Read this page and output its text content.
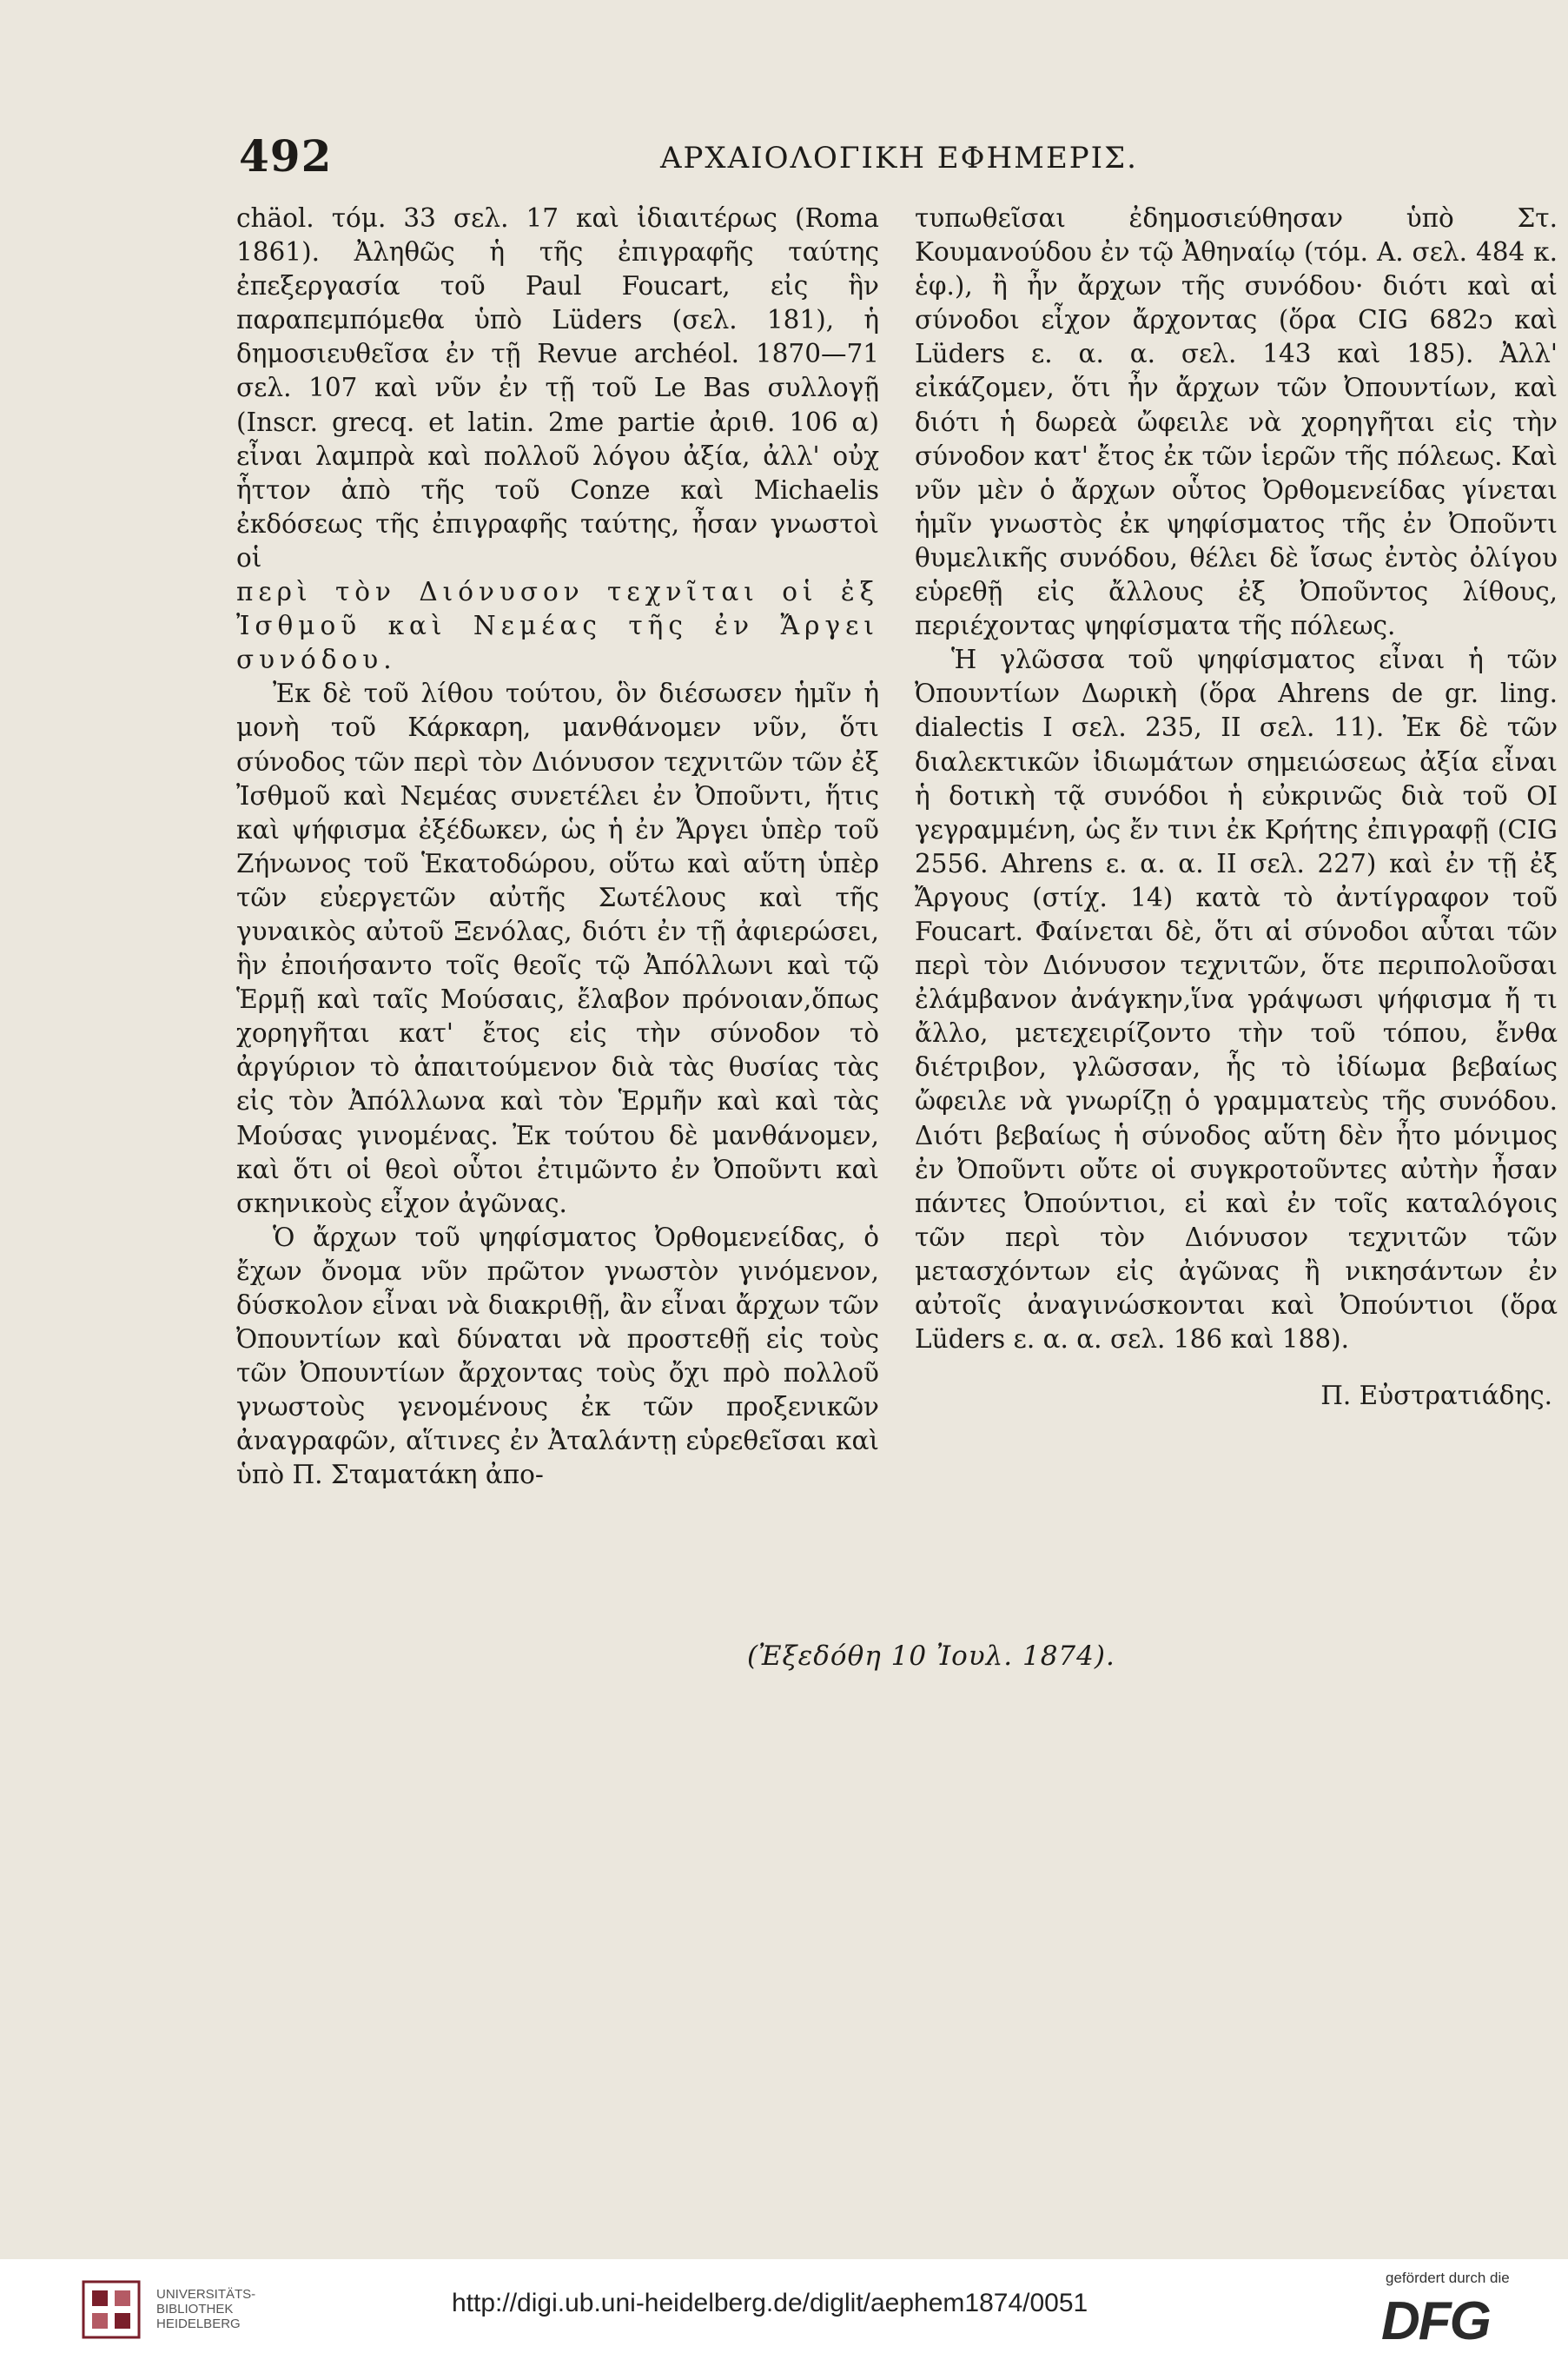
492	ΑΡΧΑΙΟΛΟΓΙΚΗ ΕΦΗΜΕΡΙΣ.

chäol. τόμ. 33 σελ. 17 καὶ ἰδιαιτέρως (Roma 1861). Ἀληθῶς ἡ τῆς ἐπιγραφῆς ταύτης ἐπεξεργασία τοῦ Paul Foucart, εἰς ἣν παραπεμπόμεθα ὑπὸ Lüders (σελ. 181), ἡ δημοσιευθεῖσα ἐν τῇ Revue archéol. 1870—71 σελ. 107 καὶ νῦν ἐν τῇ τοῦ Le Bas συλλογῇ (Inscr. grecq. et latin. 2me partie ἀριθ. 106 α) εἶναι λαμπρὰ καὶ πολλοῦ λόγου ἀξία, ἀλλ' οὐχ ἧττον ἀπὸ τῆς τοῦ Conze καὶ Michaelis ἐκδόσεως τῆς ἐπιγραφῆς ταύτης, ἦσαν γνωστοὶ οἱ

περὶ τὸν Διόνυσον τεχνῖται οἱ ἐξ Ἰσθμοῦ καὶ Νεμέας τῆς ἐν Ἄργει συνόδου.

Ἐκ δὲ τοῦ λίθου τούτου, ὃν διέσωσεν ἡμῖν ἡ μονὴ τοῦ Κάρκαρη, μανθάνομεν νῦν, ὅτι σύνοδος τῶν περὶ τὸν Διόνυσον τεχνιτῶν τῶν ἐξ Ἰσθμοῦ καὶ Νεμέας συνετέλει ἐν Ὀποῦντι, ἥτις καὶ ψήφισμα ἐξέδωκεν, ὡς ἡ ἐν Ἄργει ὑπὲρ τοῦ Ζήνωνος τοῦ Ἑκατοδώρου, οὕτω καὶ αὕτη ὑπὲρ τῶν εὐεργετῶν αὐτῆς Σωτέλους καὶ τῆς γυναικὸς αὐτοῦ Ξενόλας, διότι ἐν τῇ ἀφιερώσει, ἣν ἐποιήσαντο τοῖς θεοῖς τῷ Ἀπόλλωνι καὶ τῷ Ἑρμῇ καὶ ταῖς Μούσαις, ἔλαβον πρόνοιαν,ὅπως χορηγῆται κατ' ἔτος εἰς τὴν σύνοδον τὸ ἀργύριον τὸ ἀπαιτούμενον διὰ τὰς θυσίας τὰς εἰς τὸν Ἀπόλλωνα καὶ τὸν Ἑρμῆν καὶ καὶ τὰς Μούσας γινομένας. Ἐκ τούτου δὲ μανθάνομεν, καὶ ὅτι οἱ θεοὶ οὗτοι ἐτιμῶντο ἐν Ὀποῦντι καὶ σκηνικοὺς εἶχον ἀγῶνας.

Ὁ ἄρχων τοῦ ψηφίσματος Ὀρθομενείδας, ὁ ἔχων ὄνομα νῦν πρῶτον γνωστὸν γινόμενον, δύσκολον εἶναι νὰ διακριθῇ, ἂν εἶναι ἄρχων τῶν Ὀπουντίων καὶ δύναται νὰ προστεθῇ εἰς τοὺς τῶν Ὀπουντίων ἄρχοντας τοὺς ὄχι πρὸ πολλοῦ γνωστοὺς γενομένους ἐκ τῶν προξενικῶν ἀναγραφῶν, αἵτινες ἐν Ἀταλάντῃ εὑρεθεῖσαι καὶ ὑπὸ Π. Σταματάκη ἀπο-

τυπωθεῖσαι ἐδημοσιεύθησαν ὑπὸ Στ. Κουμανούδου ἐν τῷ Ἀθηναίῳ (τόμ. Α. σελ. 484 κ. ἑφ.), ἢ ἦν ἄρχων τῆς συνόδου· διότι καὶ αἱ σύνοδοι εἶχον ἄρχοντας (ὅρα CIG 682ͻ καὶ Lüders ε. α. α. σελ. 143 καὶ 185). Ἀλλ' εἰκάζομεν, ὅτι ἦν ἄρχων τῶν Ὀπουντίων, καὶ διότι ἡ δωρεὰ ὤφειλε νὰ χορηγῆται εἰς τὴν σύνοδον κατ' ἔτος ἐκ τῶν ἱερῶν τῆς πόλεως. Καὶ νῦν μὲν ὁ ἄρχων οὗτος Ὀρθομενείδας γίνεται ἡμῖν γνωστὸς ἐκ ψηφίσματος τῆς ἐν Ὀποῦντι θυμελικῆς συνόδου, θέλει δὲ ἴσως ἐντὸς ὀλίγου εὑρεθῇ εἰς ἄλλους ἐξ Ὀποῦντος λίθους, περιέχοντας ψηφίσματα τῆς πόλεως.

Ἡ γλῶσσα τοῦ ψηφίσματος εἶναι ἡ τῶν Ὀπουντίων Δωρικὴ (ὅρα Ahrens de gr. ling. dialectis I σελ. 235, II σελ. 11). Ἐκ δὲ τῶν διαλεκτικῶν ἰδιωμάτων σημειώσεως ἀξία εἶναι ἡ δοτικὴ τᾷ συνόδοι ἡ εὐκρινῶς διὰ τοῦ ΟΙ γεγραμμένη, ὡς ἔν τινι ἐκ Κρήτης ἐπιγραφῇ (CIG 2556. Ahrens ε. α. α. II σελ. 227) καὶ ἐν τῇ ἐξ Ἄργους (στίχ. 14) κατὰ τὸ ἀντίγραφον τοῦ Foucart. Φαίνεται δὲ, ὅτι αἱ σύνοδοι αὗται τῶν περὶ τὸν Διόνυσον τεχνιτῶν, ὅτε περιπολοῦσαι ἐλάμβανον ἀνάγκην,ἵνα γράψωσι ψήφισμα ἤ τι ἄλλο, μετεχειρίζοντο τὴν τοῦ τόπου, ἔνθα διέτριβον, γλῶσσαν, ἧς τὸ ἰδίωμα βεβαίως ὤφειλε νὰ γνωρίζῃ ὁ γραμματεὺς τῆς συνόδου. Διότι βεβαίως ἡ σύνοδος αὕτη δὲν ἦτο μόνιμος ἐν Ὀποῦντι οὔτε οἱ συγκροτοῦντες αὐτὴν ἦσαν πάντες Ὀπούντιοι, εἰ καὶ ἐν τοῖς καταλόγοις τῶν περὶ τὸν Διόνυσον τεχνιτῶν τῶν μετασχόντων εἰς ἀγῶνας ἢ νικησάντων ἐν αὐτοῖς ἀναγινώσκονται καὶ Ὀπούντιοι (ὅρα Lüders ε. α. α. σελ. 186 καὶ 188).

Π. Εὐστρατιάδης.

(Ἐξεδόθη 10 Ἰουλ. 1874).
UNIVERSITÄTS-
BIBLIOTHEK
HEIDELBERG
http://digi.ub.uni-heidelberg.de/diglit/aephem1874/0051
gefördert durch die
DFG
